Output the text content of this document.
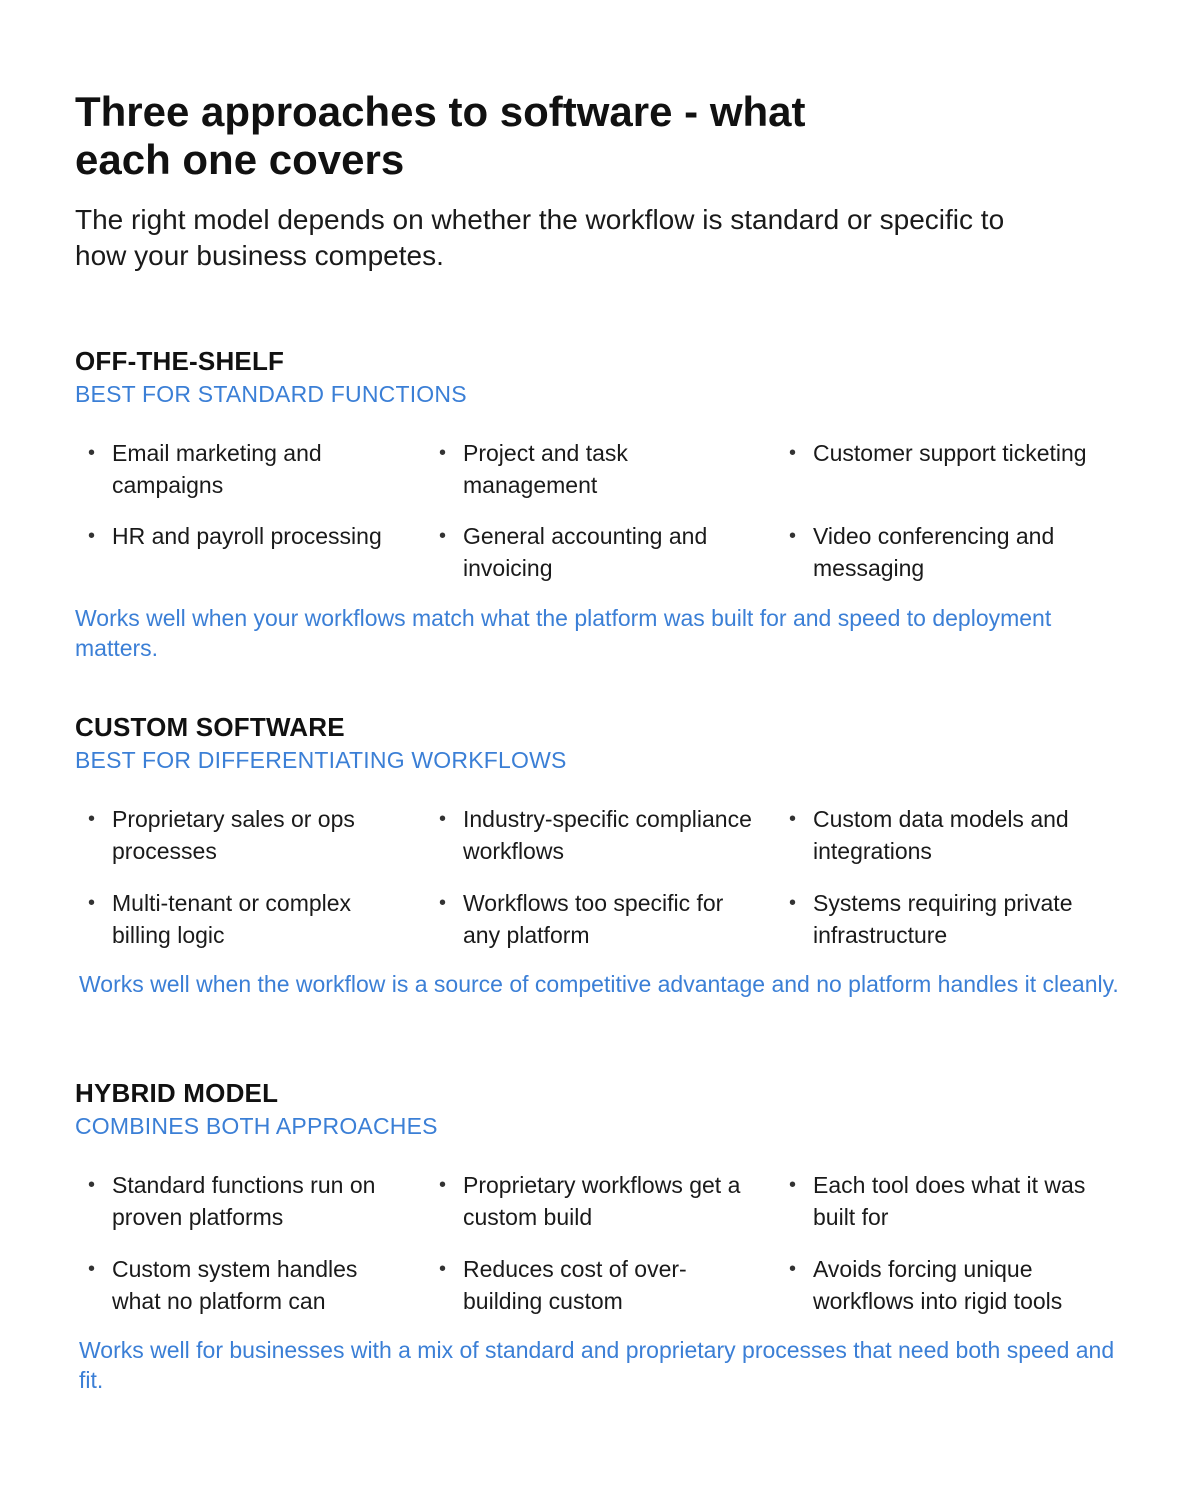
Three approaches to software - what each one covers

The right model depends on whether the workflow is standard or specific to how your business competes.

OFF-THE-SHELF

BEST FOR STANDARD FUNCTIONS

• Email marketing and campaigns
• Project and task management
• Customer support ticketing
• HR and payroll processing	• General accounting and invoicing
• Video conferencing and messaging

Works well when your workflows match what the platform was built for and speed to deployment matters.

CUSTOM SOFTWARE

BEST FOR DIFFERENTIATING WORKFLOWS

• Proprietary sales or ops processes
• Industry-specific compliance workflows
• Custom data models and integrations
• Multi-tenant or complex billing logic
• Workflows too specific for any platform
• Systems requiring private infrastructure

Works well when the workflow is a source of competitive advantage and no platform handles it cleanly.

HYBRID MODEL

COMBINES BOTH APPROACHES

• Standard functions run on proven platforms
• Proprietary workflows get a custom build
• Each tool does what it was built for
• Custom system handles what no platform can
• Reduces cost of over-building custom
• Avoids forcing unique workflows into rigid tools

Works well for businesses with a mix of standard and proprietary processes that need both speed and fit.
